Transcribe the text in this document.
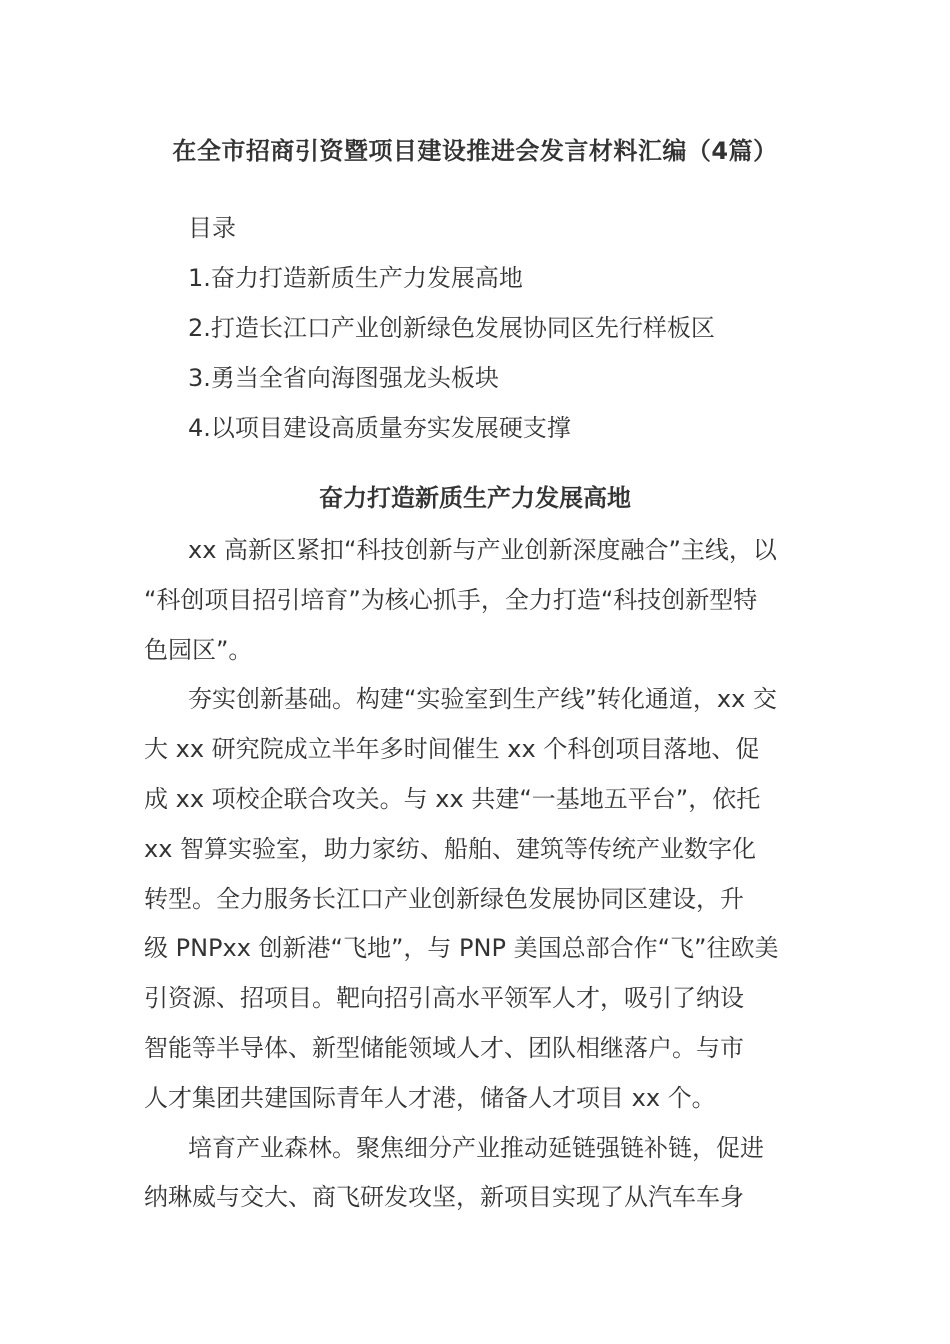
在全市招商引资暨项目建设推进会发言材料汇编（4篇）
目录
1.奋力打造新质生产力发展高地
2.打造长江口产业创新绿色发展协同区先行样板区
3.勇当全省向海图强龙头板块
4.以项目建设高质量夯实发展硬支撑
奋力打造新质生产力发展高地
xx 高新区紧扣“科技创新与产业创新深度融合”主线，以
“科创项目招引培育”为核心抓手，全力打造“科技创新型特
色园区”。
夯实创新基础。构建“实验室到生产线”转化通道，xx 交
大 xx 研究院成立半年多时间催生 xx 个科创项目落地、促
成 xx 项校企联合攻关。与 xx 共建“一基地五平台”，依托
xx 智算实验室，助力家纺、船舶、建筑等传统产业数字化
转型。全力服务长江口产业创新绿色发展协同区建设，升
级 PNPxx 创新港“飞地”，与 PNP 美国总部合作“飞”往欧美
引资源、招项目。靶向招引高水平领军人才，吸引了纳设
智能等半导体、新型储能领域人才、团队相继落户。与市
人才集团共建国际青年人才港，储备人才项目 xx 个。
培育产业森林。聚焦细分产业推动延链强链补链，促进
纳琳威与交大、商飞研发攻坚，新项目实现了从汽车车身
